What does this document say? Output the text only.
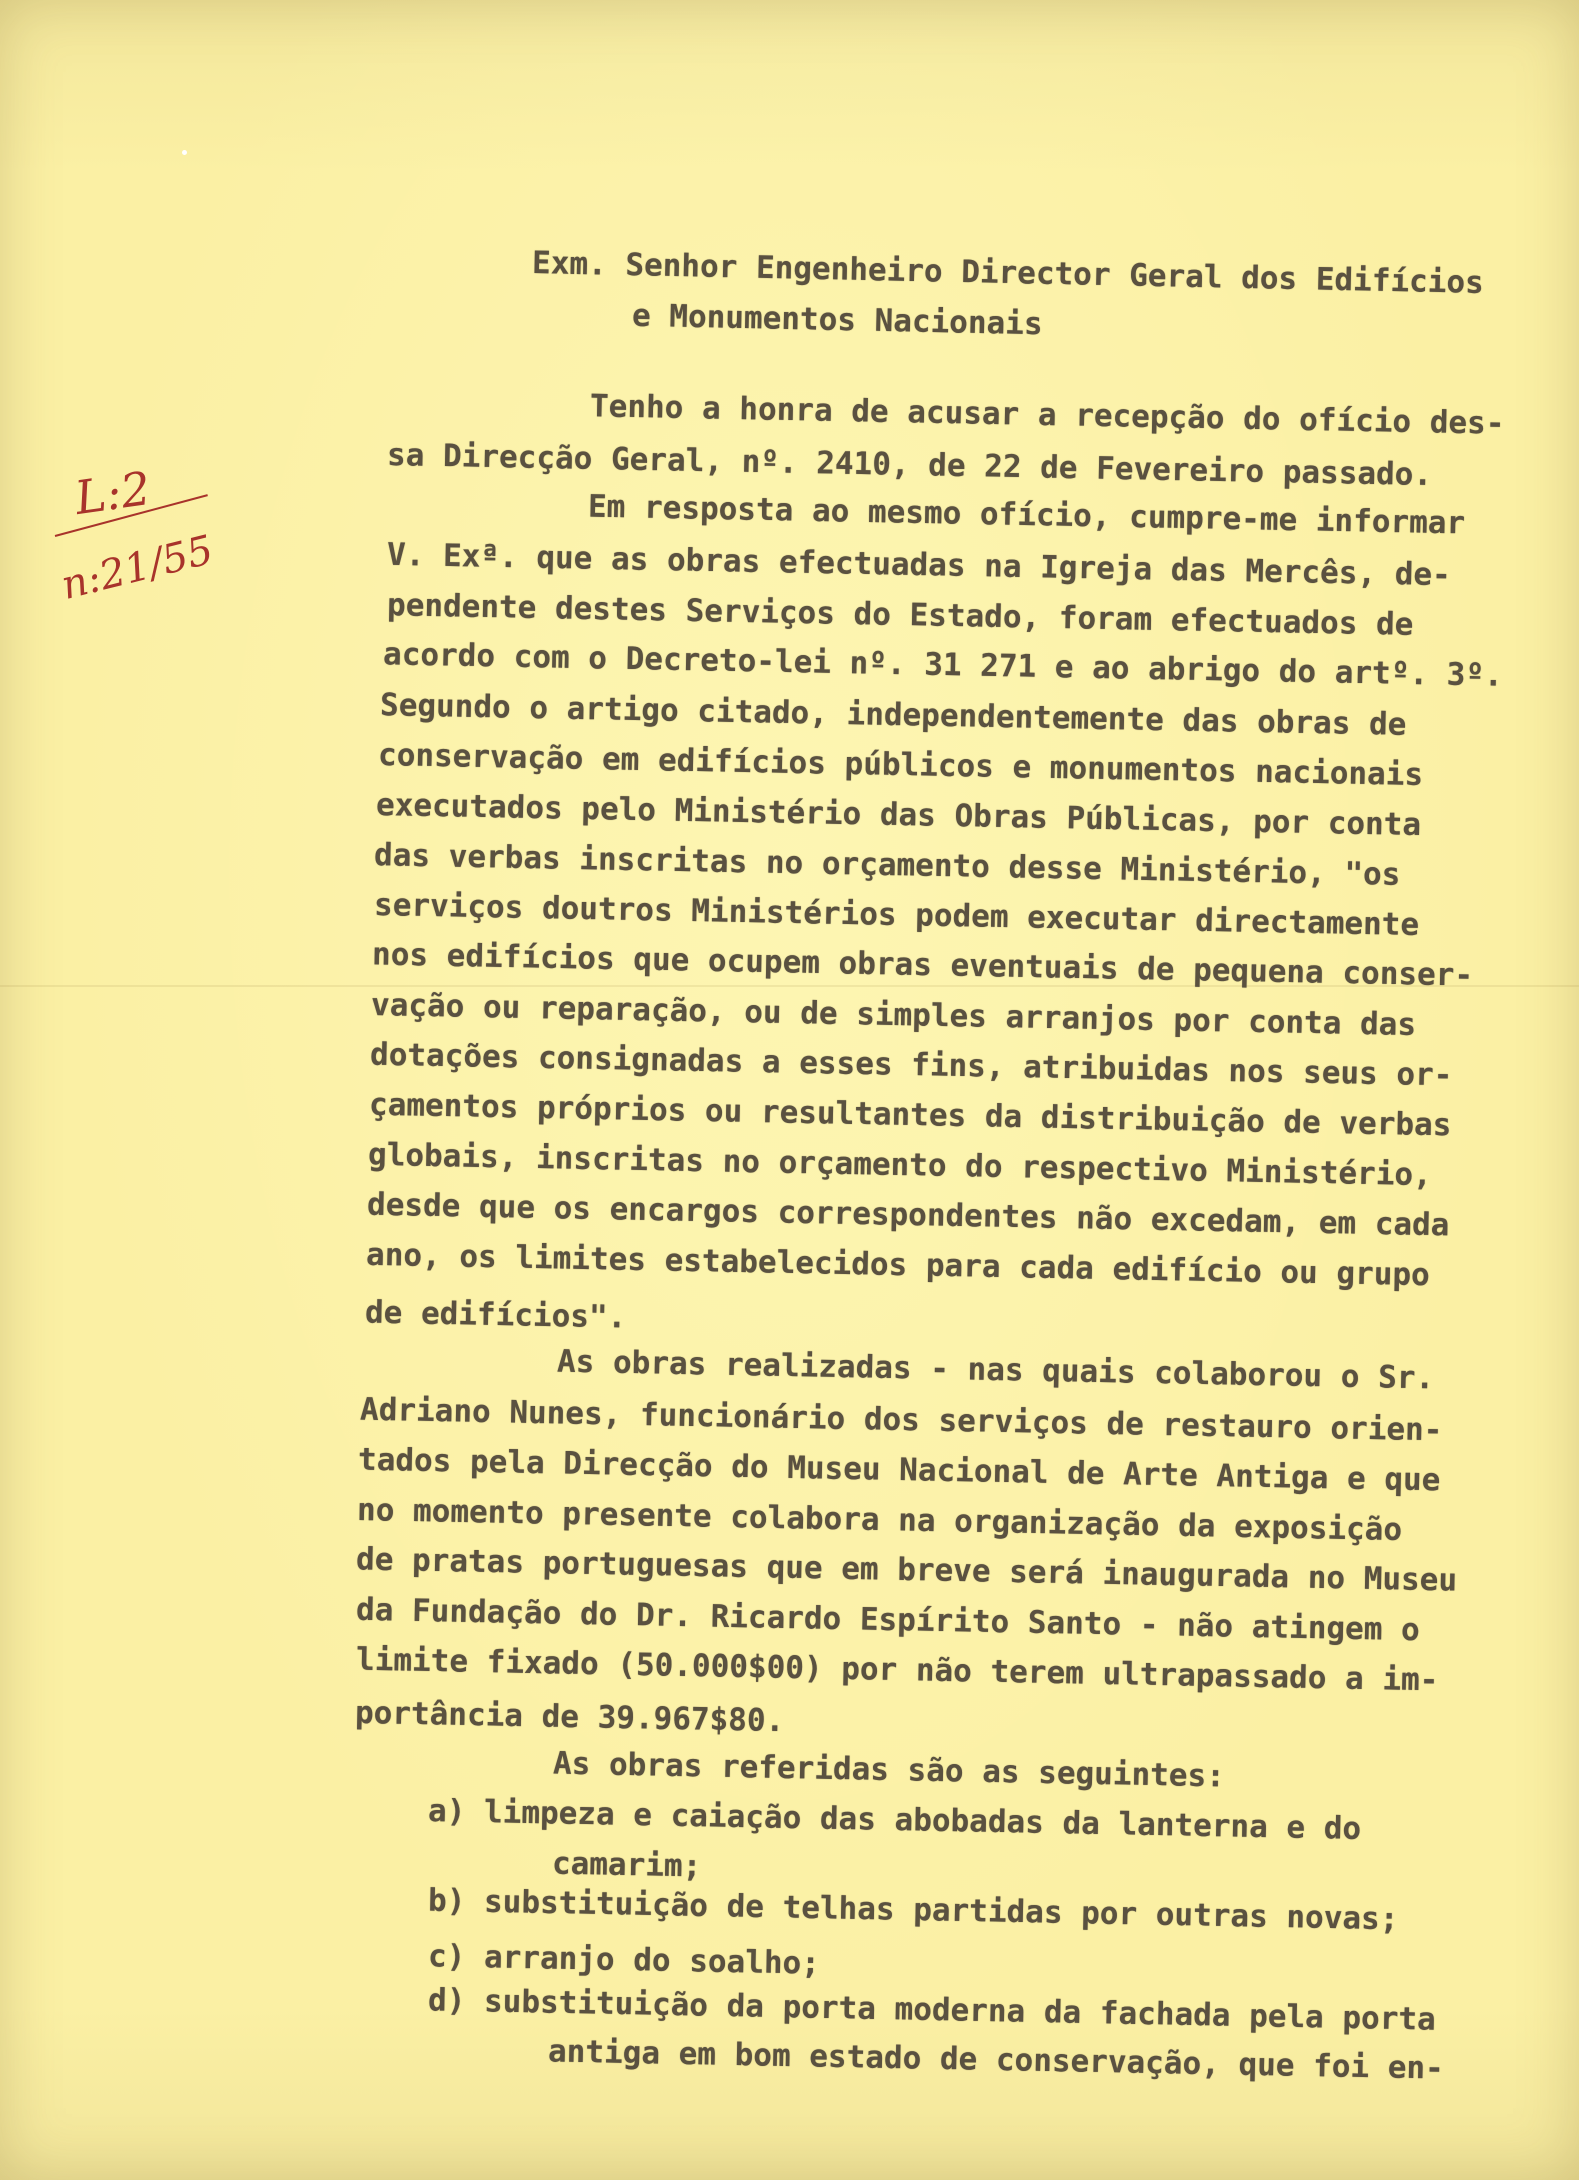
L:2
n:21/55

Exm. Senhor Engenheiro Director Geral dos Edifícios

e Monumentos Nacionais

Tenho a honra de acusar a recepção do ofício des-

sa Direcção Geral, nº. 2410, de 22 de Fevereiro passado.

Em resposta ao mesmo ofício, cumpre-me informar

V. Exª. que as obras efectuadas na Igreja das Mercês, de-

pendente destes Serviços do Estado, foram efectuados de

acordo com o Decreto-lei nº. 31 271 e ao abrigo do artº. 3º.

Segundo o artigo citado, independentemente das obras de

conservação em edifícios públicos e monumentos nacionais

executados pelo Ministério das Obras Públicas, por conta

das verbas inscritas no orçamento desse Ministério, "os

serviços doutros Ministérios podem executar directamente

nos edifícios que ocupem obras eventuais de pequena conser-

vação ou reparação, ou de simples arranjos por conta das

dotações consignadas a esses fins, atribuidas nos seus or-

çamentos próprios ou resultantes da distribuição de verbas

globais, inscritas no orçamento do respectivo Ministério,

desde que os encargos correspondentes não excedam, em cada

ano, os limites estabelecidos para cada edifício ou grupo

de edifícios".

As obras realizadas - nas quais colaborou o Sr.

Adriano Nunes, funcionário dos serviços de restauro orien-

tados pela Direcção do Museu Nacional de Arte Antiga e que

no momento presente colabora na organização da exposição

de pratas portuguesas que em breve será inaugurada no Museu

da Fundação do Dr. Ricardo Espírito Santo - não atingem o

limite fixado (50.000$00) por não terem ultrapassado a im-

portância de 39.967$80.

As obras referidas são as seguintes:

a) limpeza e caiação das abobadas da lanterna e do

camarim;

b) substituição de telhas partidas por outras novas;

c) arranjo do soalho;

d) substituição da porta moderna da fachada pela porta

antiga em bom estado de conservação, que foi en-
